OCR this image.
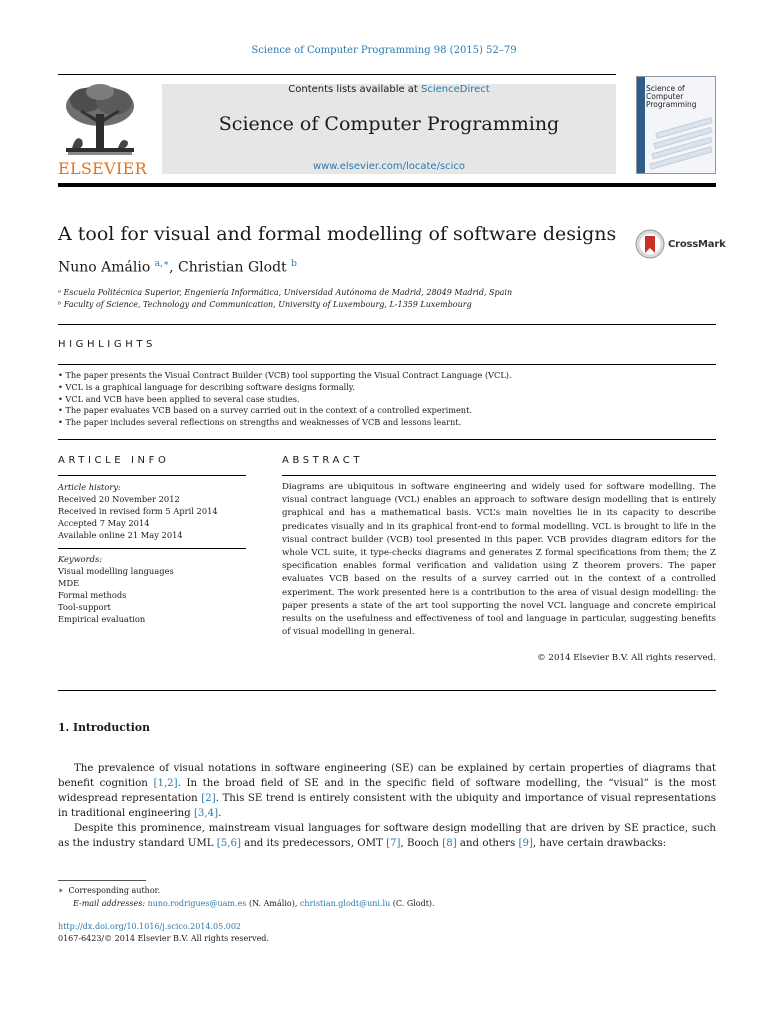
Science of Computer Programming 98 (2015) 52–79
ELSEVIER
Contents lists available at ScienceDirect
Science of Computer Programming
www.elsevier.com/locate/scico
Science of Computer Programming
A tool for visual and formal modelling of software designs	CrossMark
Nuno Amálio $^{a,∗}$, Christian Glodt $^b$
ᵃ Escuela Politécnica Superior, Engeniería Informática, Universidad Autónoma de Madrid, 28049 Madrid, Spain
ᵇ Faculty of Science, Technology and Communication, University of Luxembourg, L-1359 Luxembourg
HIGHLIGHTS
• The paper presents the Visual Contract Builder (VCB) tool supporting the Visual Contract Language (VCL).
• VCL is a graphical language for describing software designs formally.
• VCL and VCB have been applied to several case studies.
• The paper evaluates VCB based on a survey carried out in the context of a controlled experiment.
• The paper includes several reflections on strengths and weaknesses of VCB and lessons learnt.
ARTICLE INFO
Article history:
Received 20 November 2012
Received in revised form 5 April 2014
Accepted 7 May 2014
Available online 21 May 2014
Keywords:
Visual modelling languages
MDE
Formal methods
Tool-support
Empirical evaluation
ABSTRACT
Diagrams are ubiquitous in software engineering and widely used for software modelling. The visual contract language (VCL) enables an approach to software design modelling that is entirely graphical and has a mathematical basis. VCL’s main novelties lie in its capacity to describe predicates visually and in its graphical front-end to formal modelling. VCL is brought to life in the visual contract builder (VCB) tool presented in this paper. VCB provides diagram editors for the whole VCL suite, it type-checks diagrams and generates Z formal specifications from them; the Z specification enables formal verification and validation using Z theorem provers. The paper evaluates VCB based on the results of a survey carried out in the context of a controlled experiment. The work presented here is a contribution to the area of visual design modelling: the paper presents a state of the art tool supporting the novel VCL language and concrete empirical results on the usefulness and effectiveness of tool and language in particular, suggesting benefits of visual modelling in general.
© 2014 Elsevier B.V. All rights reserved.
1. Introduction

The prevalence of visual notations in software engineering (SE) can be explained by certain properties of diagrams that benefit cognition [1,2]. In the broad field of SE and in the specific field of software modelling, the “visual” is the most widespread representation [2]. This SE trend is entirely consistent with the ubiquity and importance of visual representations in traditional engineering [3,4].

Despite this prominence, mainstream visual languages for software design modelling that are driven by SE practice, such as the industry standard UML [5,6] and its predecessors, OMT [7], Booch [8] and others [9], have certain drawbacks:

∗ Corresponding author.
E-mail addresses: nuno.rodrigues@uam.es (N. Amálio), christian.glodt@uni.lu (C. Glodt).
http://dx.doi.org/10.1016/j.scico.2014.05.002
0167-6423/© 2014 Elsevier B.V. All rights reserved.
